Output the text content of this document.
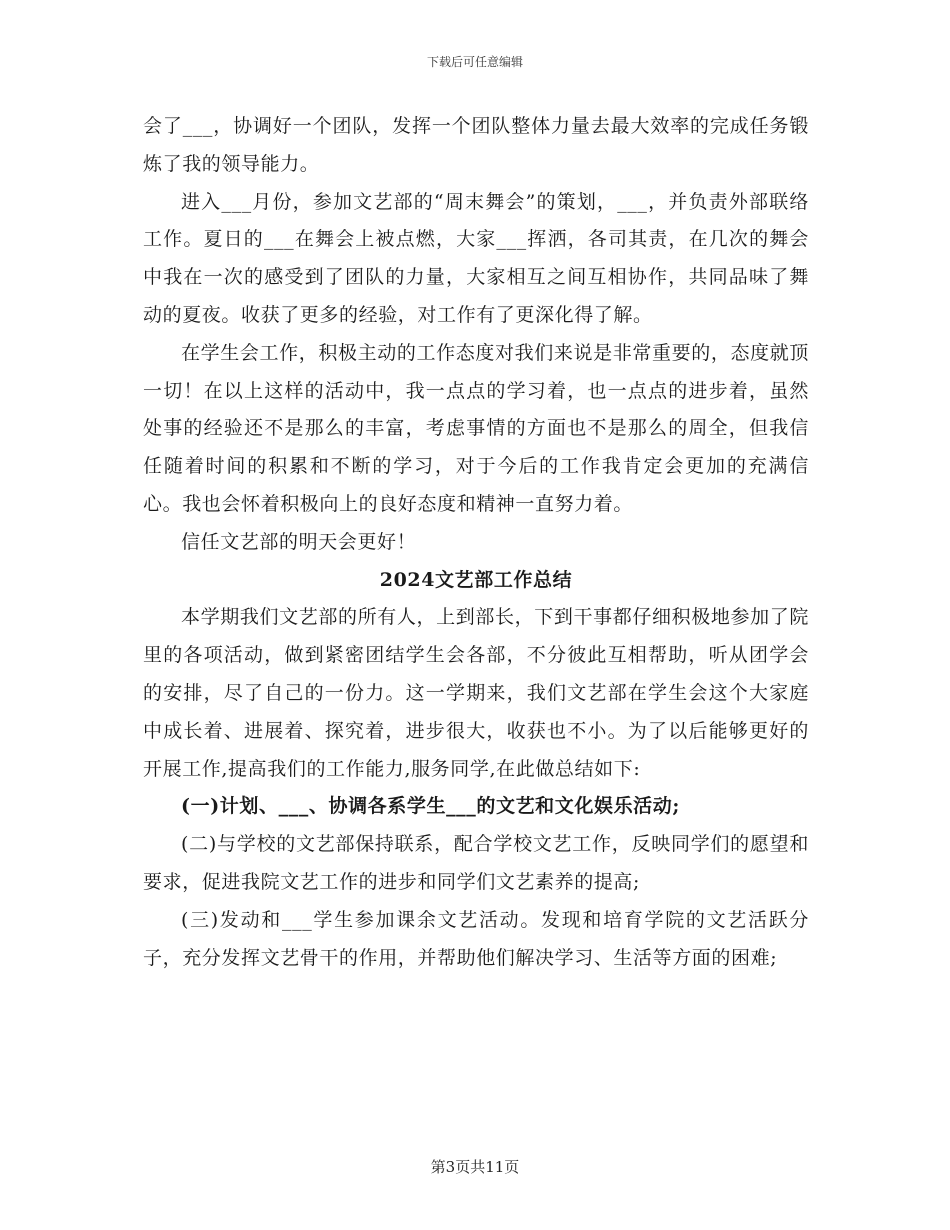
下载后可任意编辑

会了___，协调好一个团队，发挥一个团队整体力量去最大效率的完成任务锻炼了我的领导能力。

进入___月份，参加文艺部的“周末舞会”的策划，___，并负责外部联络工作。夏日的___在舞会上被点燃，大家___挥洒，各司其责，在几次的舞会中我在一次的感受到了团队的力量，大家相互之间互相协作，共同品味了舞动的夏夜。收获了更多的经验，对工作有了更深化得了解。

在学生会工作，积极主动的工作态度对我们来说是非常重要的，态度就顶一切！在以上这样的活动中，我一点点的学习着，也一点点的进步着，虽然处事的经验还不是那么的丰富，考虑事情的方面也不是那么的周全，但我信任随着时间的积累和不断的学习，对于今后的工作我肯定会更加的充满信心。我也会怀着积极向上的良好态度和精神一直努力着。

信任文艺部的明天会更好！

2024文艺部工作总结

本学期我们文艺部的所有人，上到部长，下到干事都仔细积极地参加了院里的各项活动，做到紧密团结学生会各部，不分彼此互相帮助，听从团学会的安排，尽了自己的一份力。这一学期来，我们文艺部在学生会这个大家庭中成长着、进展着、探究着，进步很大，收获也不小。为了以后能够更好的开展工作,提高我们的工作能力,服务同学,在此做总结如下:

(一)计划、___、协调各系学生___的文艺和文化娱乐活动;

(二)与学校的文艺部保持联系，配合学校文艺工作，反映同学们的愿望和要求，促进我院文艺工作的进步和同学们文艺素养的提高;

(三)发动和___学生参加课余文艺活动。发现和培育学院的文艺活跃分子，充分发挥文艺骨干的作用，并帮助他们解决学习、生活等方面的困难;

第3页共11页
